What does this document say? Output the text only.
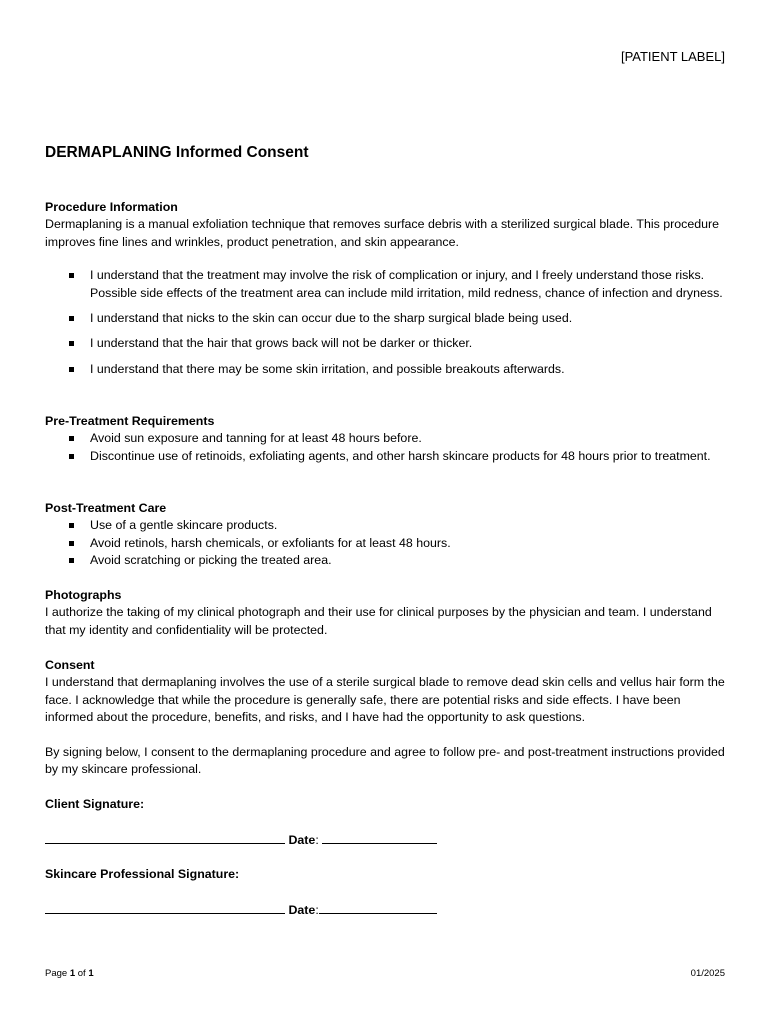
[PATIENT LABEL]
DERMAPLANING Informed Consent
Procedure Information

Dermaplaning is a manual exfoliation technique that removes surface debris with a sterilized surgical blade. This procedure improves fine lines and wrinkles, product penetration, and skin appearance.

I understand that the treatment may involve the risk of complication or injury, and I freely understand those risks. Possible side effects of the treatment area can include mild irritation, mild redness, chance of infection and dryness.
I understand that nicks to the skin can occur due to the sharp surgical blade being used.
I understand that the hair that grows back will not be darker or thicker.
I understand that there may be some skin irritation, and possible breakouts afterwards.
Pre-Treatment Requirements
Avoid sun exposure and tanning for at least 48 hours before.
Discontinue use of retinoids, exfoliating agents, and other harsh skincare products for 48 hours prior to treatment.
Post-Treatment Care
Use of a gentle skincare products.
Avoid retinols, harsh chemicals, or exfoliants for at least 48 hours.
Avoid scratching or picking the treated area.
Photographs

I authorize the taking of my clinical photograph and their use for clinical purposes by the physician and team. I understand that my identity and confidentiality will be protected.

Consent

I understand that dermaplaning involves the use of a sterile surgical blade to remove dead skin cells and vellus hair form the face. I acknowledge that while the procedure is generally safe, there are potential risks and side effects. I have been informed about the procedure, benefits, and risks, and I have had the opportunity to ask questions.

By signing below, I consent to the dermaplaning procedure and agree to follow pre- and post-treatment instructions provided by my skincare professional.

Client Signature:
Date:
Skincare Professional Signature:
Date:
Page 1 of 1	01/2025
